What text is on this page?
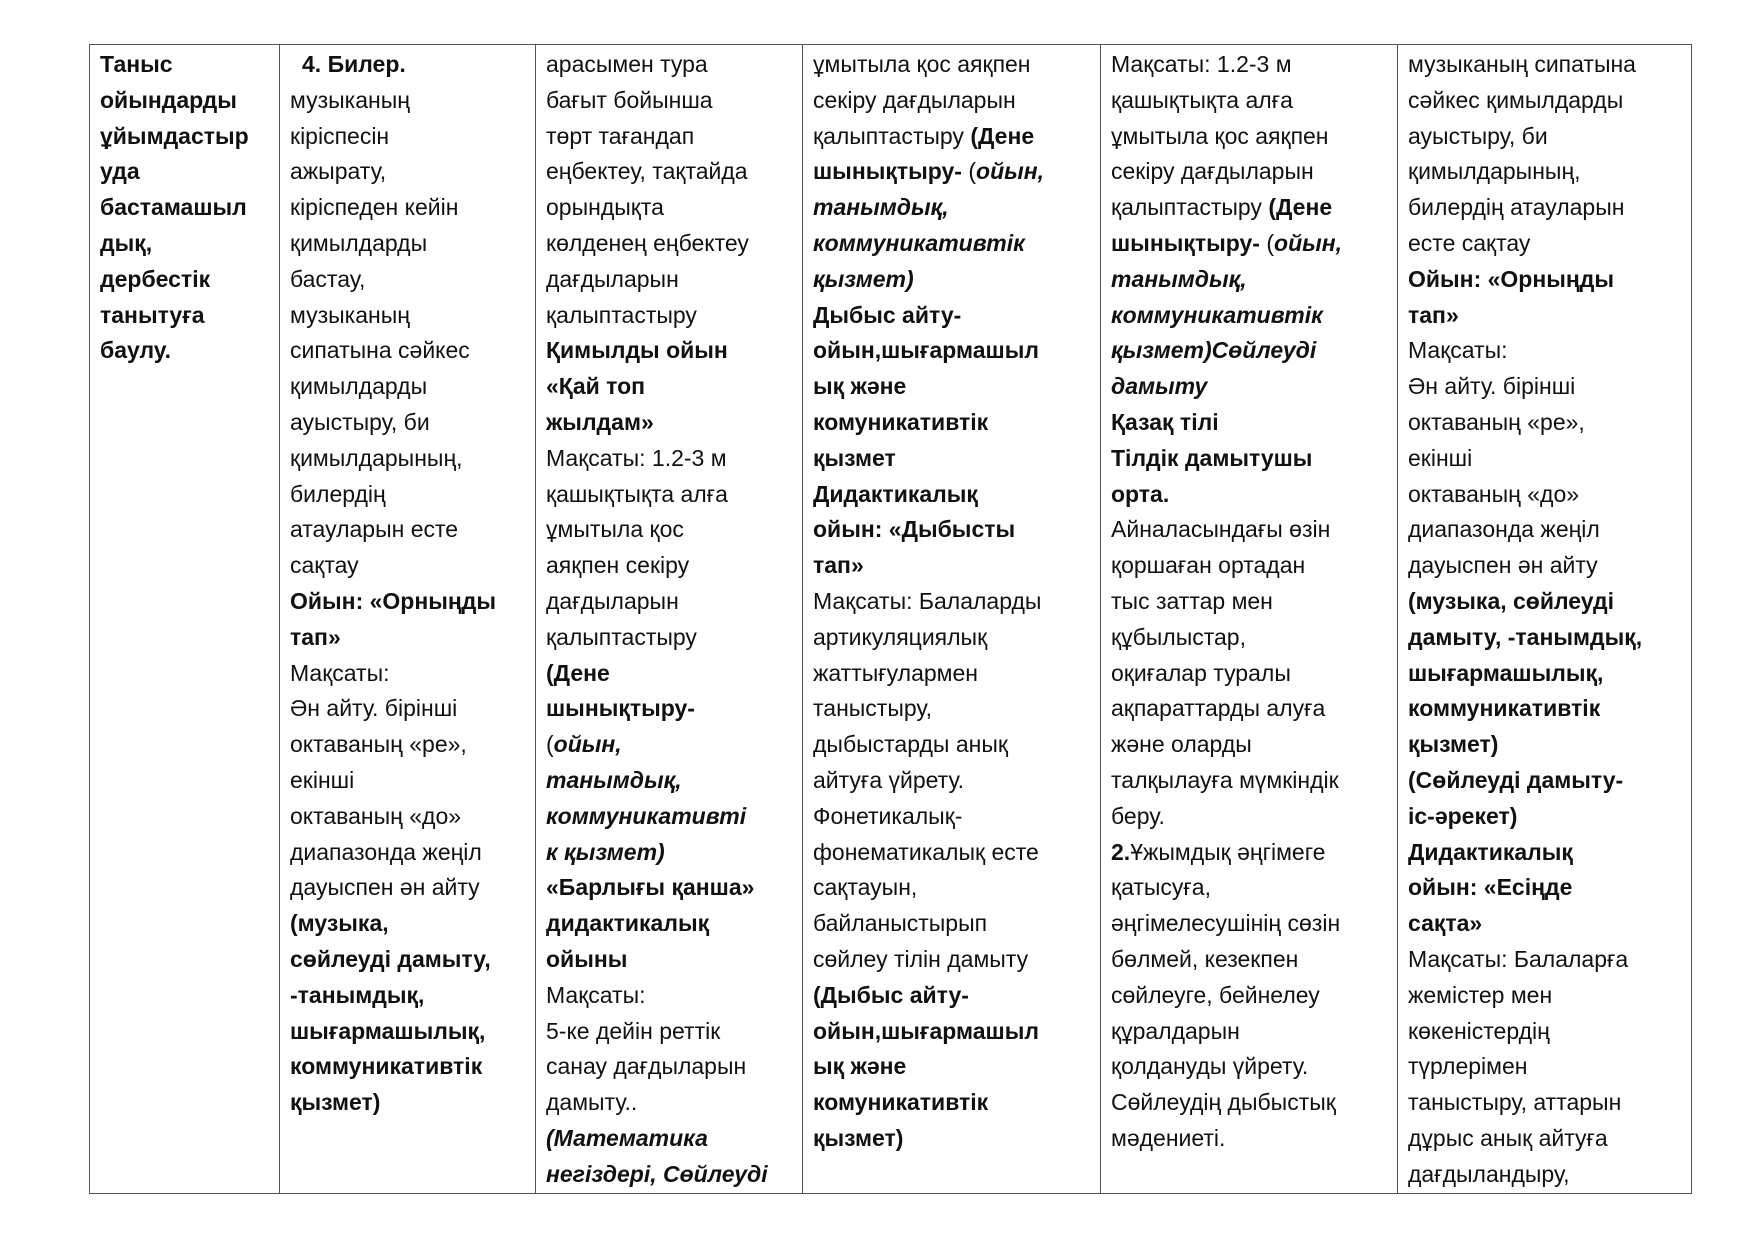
Таныс
ойындарды
ұйымдастыр
уда
бастамашыл
дық,
дербестік
танытуға
баулу.

4. Билер.
музыканың
кіріспесін
ажырату,
кіріспеден кейін
қимылдарды
бастау,
музыканың
сипатына сәйкес
қимылдарды
ауыстыру, би
қимылдарының,
билердің
атауларын есте
сақтау
Ойын: «Орныңды
тап»
Мақсаты:
Ән айту. бірінші
октаваның «ре»,
екінші
октаваның «до»
диапазонда жеңіл
дауыспен ән айту
(музыка,
сөйлеуді дамыту,
-танымдық,
шығармашылық,
коммуникативтік
қызмет)

арасымен тура
бағыт бойынша
төрт тағандап
еңбектеу, тақтайда
орындықта
көлденең еңбектеу
дағдыларын
қалыптастыру
Қимылды ойын
«Қай топ
жылдам»
Мақсаты: 1.2-3 м
қашықтықта алға
ұмытыла қос
аяқпен секіру
дағдыларын
қалыптастыру
(Дене
шынықтыру-
(ойын,
танымдық,
коммуникативті
к қызмет)
«Барлығы қанша»
дидактикалық
ойыны
Мақсаты:
5-ке дейін реттік
санау дағдыларын
дамыту..
(Математика
негіздері, Сөйлеуді

ұмытыла қос аяқпен
секіру дағдыларын
қалыптастыру (Дене
шынықтыру- (ойын,
танымдық,
коммуникативтік
қызмет)
Дыбыс айту-
ойын,шығармашыл
ық және
комуникативтік
қызмет
Дидактикалық
ойын: «Дыбысты
тап»
Мақсаты: Балаларды
артикуляциялық
жаттығулармен
таныстыру,
дыбыстарды анық
айтуға үйрету.
Фонетикалық-
фонематикалық есте
сақтауын,
байланыстырып
сөйлеу тілін дамыту
(Дыбыс айту-
ойын,шығармашыл
ық және
комуникативтік
қызмет)

Мақсаты: 1.2-3 м
қашықтықта алға
ұмытыла қос аяқпен
секіру дағдыларын
қалыптастыру (Дене
шынықтыру- (ойын,
танымдық,
коммуникативтік
қызмет)Сөйлеуді
дамыту
Қазақ тілі
Тілдік дамытушы
орта.
Айналасындағы өзін
қоршаған ортадан
тыс заттар мен
құбылыстар,
оқиғалар туралы
ақпараттарды алуға
және оларды
талқылауға мүмкіндік
беру.
2.Ұжымдық әңгімеге
қатысуға,
әңгімелесушінің сөзін
бөлмей, кезекпен
сөйлеуге, бейнелеу
құралдарын
қолдануды үйрету.
Сөйлеудің дыбыстық
мәдениеті.

музыканың сипатына
сәйкес қимылдарды
ауыстыру, би
қимылдарының,
билердің атауларын
есте сақтау
Ойын: «Орныңды
тап»
Мақсаты:
Ән айту. бірінші
октаваның «ре»,
екінші
октаваның «до»
диапазонда жеңіл
дауыспен ән айту
(музыка, сөйлеуді
дамыту, -танымдық,
шығармашылық,
коммуникативтік
қызмет)
(Сөйлеуді дамыту-
іс-әрекет)
Дидактикалық
ойын: «Есіңде
сақта»
Мақсаты: Балаларға
жемістер мен
көкеністердің
түрлерімен
таныстыру, аттарын
дұрыс анық айтуға
дағдыландыру,
